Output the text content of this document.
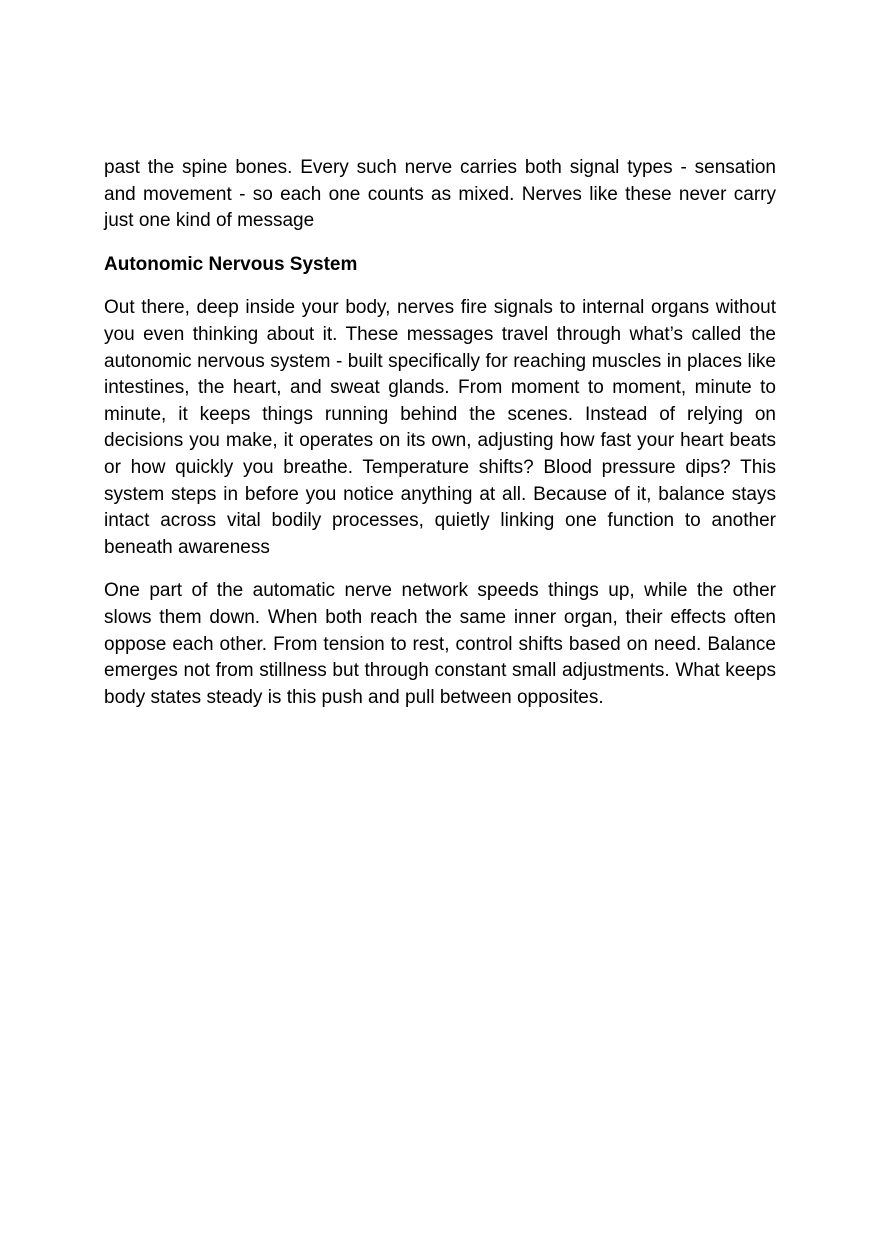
past the spine bones. Every such nerve carries both signal types - sensation and movement - so each one counts as mixed. Nerves like these never carry just one kind of message

Autonomic Nervous System

Out there, deep inside your body, nerves fire signals to internal organs without you even thinking about it. These messages travel through what’s called the autonomic nervous system - built specifically for reaching muscles in places like intestines, the heart, and sweat glands. From moment to moment, minute to minute, it keeps things running behind the scenes. Instead of relying on decisions you make, it operates on its own, adjusting how fast your heart beats or how quickly you breathe. Temperature shifts? Blood pressure dips? This system steps in before you notice anything at all. Because of it, balance stays intact across vital bodily processes, quietly linking one function to another beneath awareness

One part of the automatic nerve network speeds things up, while the other slows them down. When both reach the same inner organ, their effects often oppose each other. From tension to rest, control shifts based on need. Balance emerges not from stillness but through constant small adjustments. What keeps body states steady is this push and pull between opposites.
